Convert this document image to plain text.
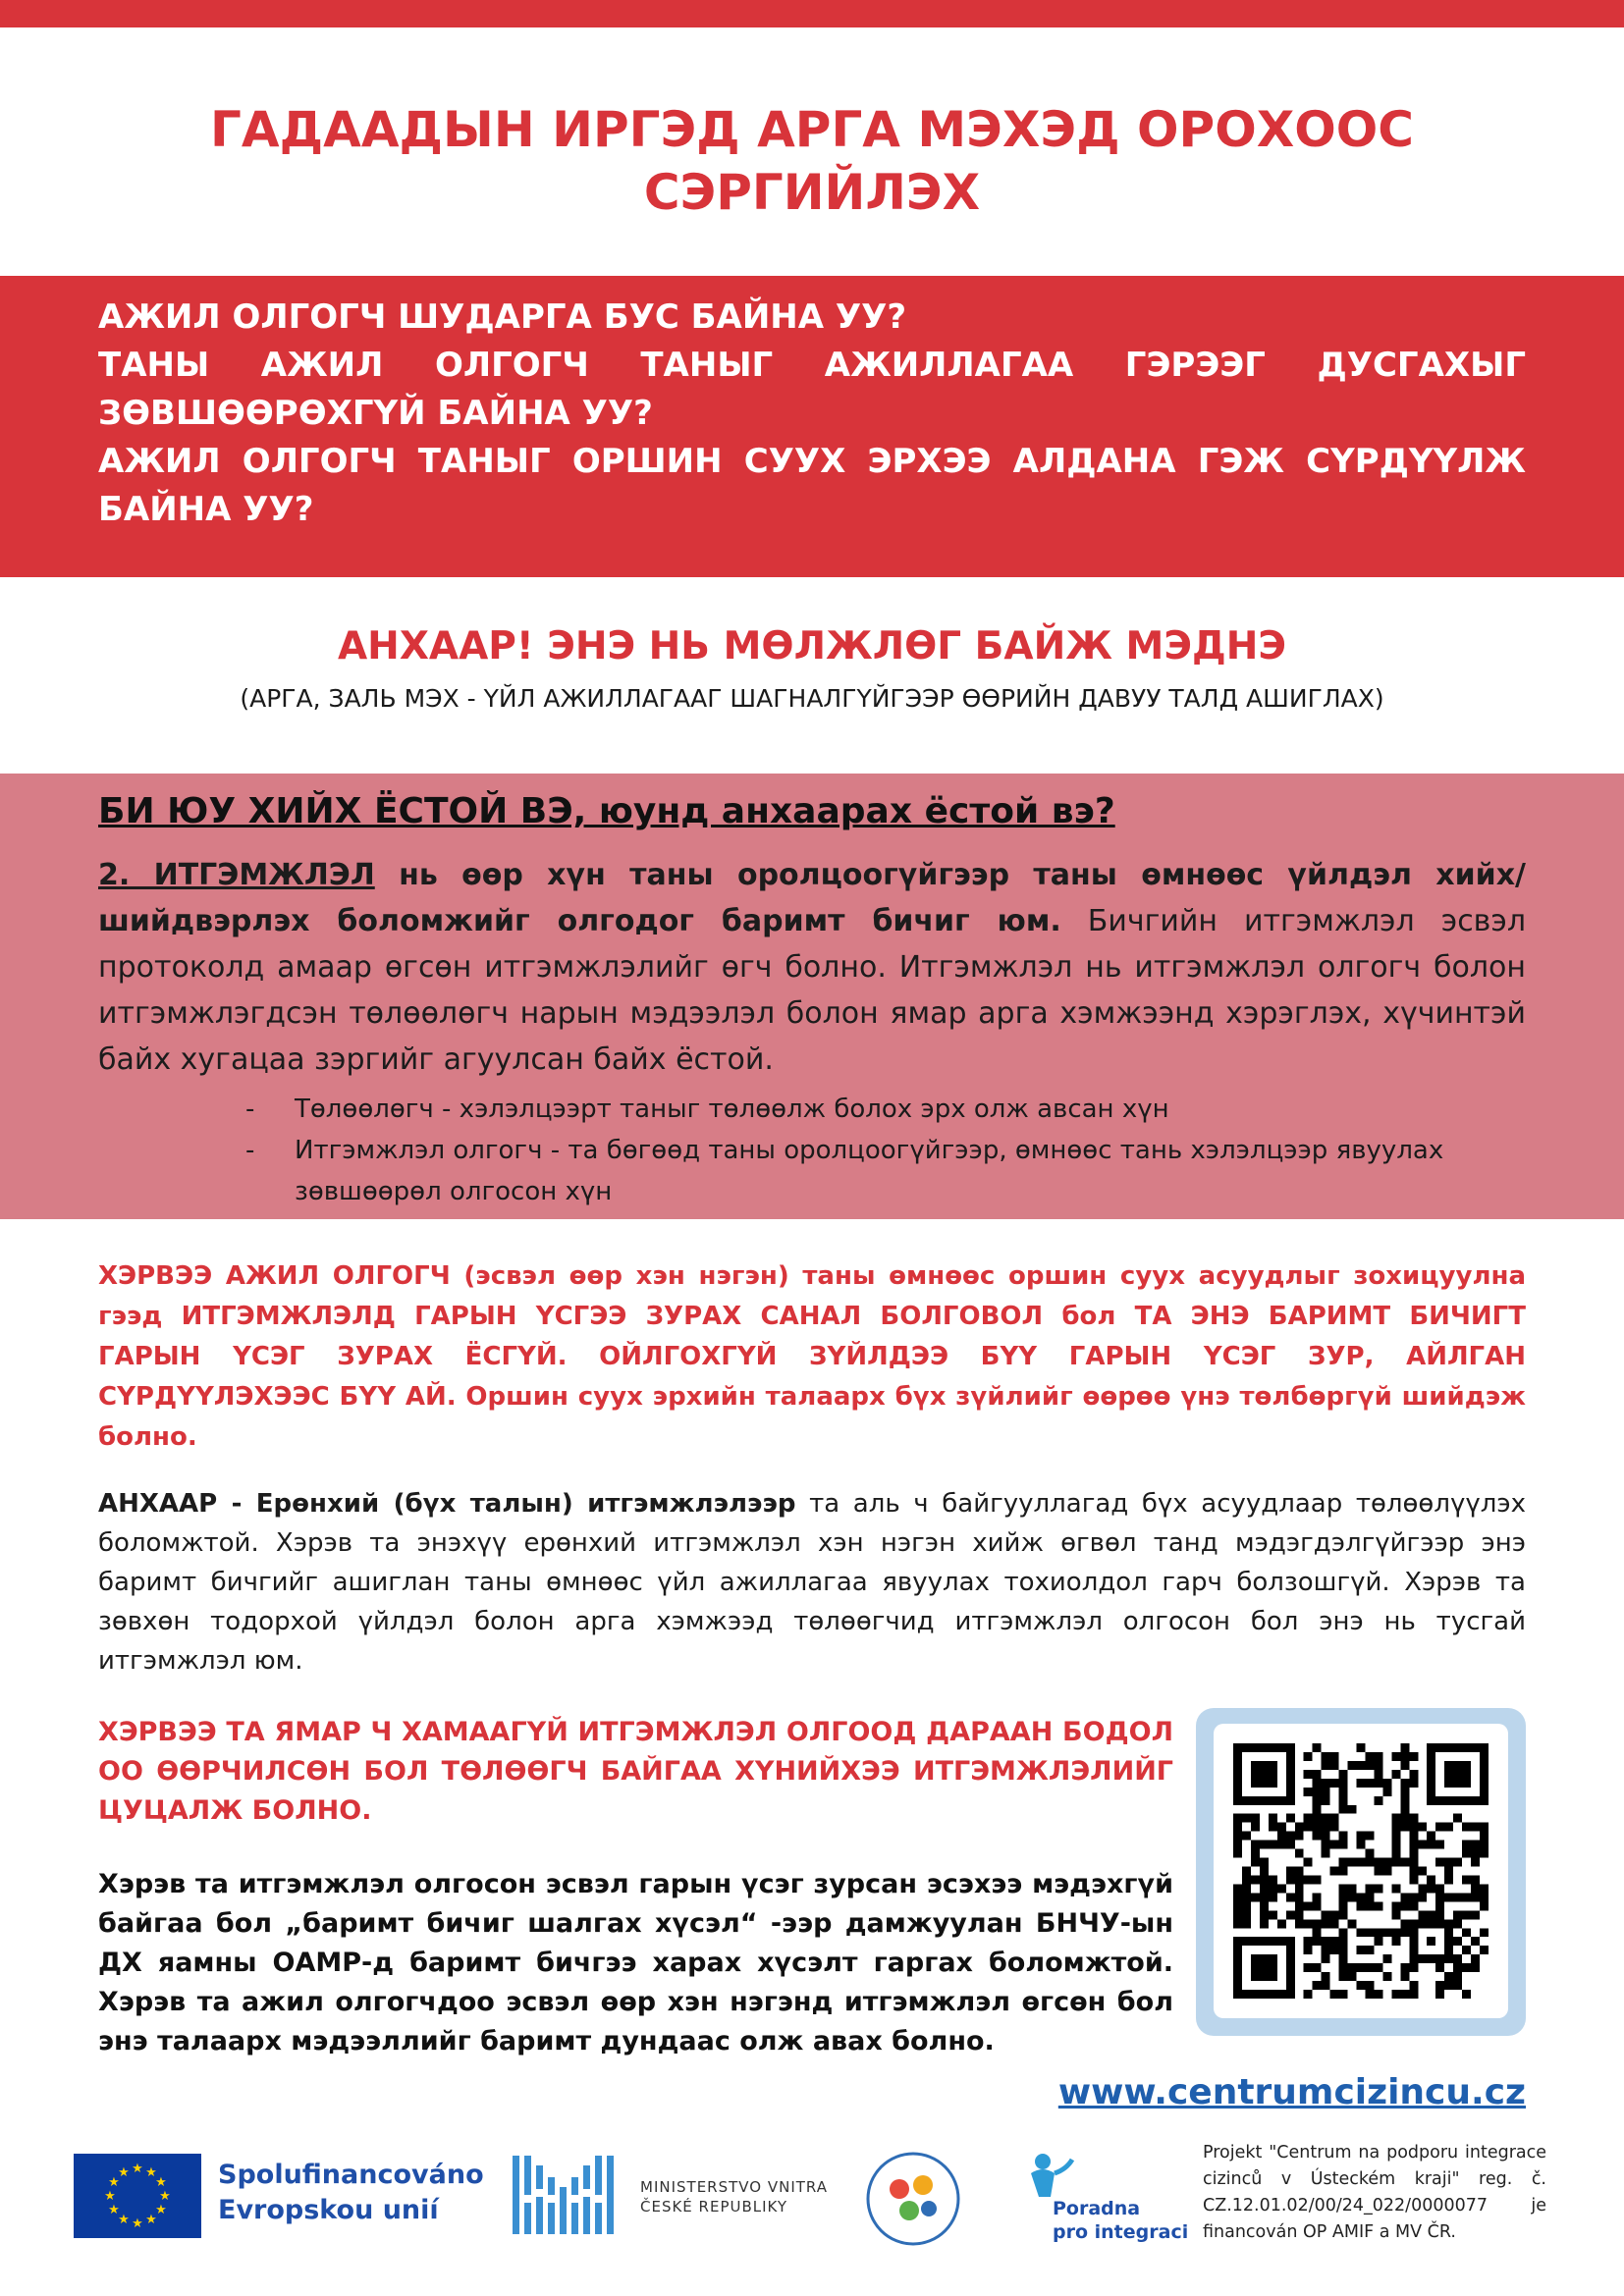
ГАДААДЫН ИРГЭД АРГА МЭХЭД ОРОХООС
СЭРГИЙЛЭХ

АЖИЛ ОЛГОГЧ ШУДАРГА БУС БАЙНА УУ?

ТАНЫ АЖИЛ ОЛГОГЧ ТАНЫГ АЖИЛЛАГАА ГЭРЭЭГ ДУСГАХЫГ ЗӨВШӨӨРӨХГҮЙ БАЙНА УУ?

АЖИЛ ОЛГОГЧ ТАНЫГ ОРШИН СУУХ ЭРХЭЭ АЛДАНА ГЭЖ СҮРДҮҮЛЖ БАЙНА УУ?

АНХААР! ЭНЭ НЬ МӨЛЖЛӨГ БАЙЖ МЭДНЭ

(АРГА, ЗАЛЬ МЭХ - ҮЙЛ АЖИЛЛАГААГ ШАГНАЛГҮЙГЭЭР ӨӨРИЙН ДАВУУ ТАЛД АШИГЛАХ)

БИ ЮУ ХИЙХ ЁСТОЙ ВЭ, юунд анхаарах ёстой вэ?

2. ИТГЭМЖЛЭЛ нь өөр хүн таны оролцоогүйгээр таны өмнөөс үйлдэл хийх/шийдвэрлэх боломжийг олгодог баримт бичиг юм. Бичгийн итгэмжлэл эсвэл протоколд амаар өгсөн итгэмжлэлийг өгч болно. Итгэмжлэл нь итгэмжлэл олгогч болон итгэмжлэгдсэн төлөөлөгч нарын мэдээлэл болон ямар арга хэмжээнд хэрэглэх, хүчинтэй байх хугацаа зэргийг агуулсан байх ёстой.

- Төлөөлөгч - хэлэлцээрт таныг төлөөлж болох эрх олж авсан хүн
- Итгэмжлэл олгогч - та бөгөөд таны оролцоогүйгээр, өмнөөс тань хэлэлцээр явуулах зөвшөөрөл олгосон хүн

ХЭРВЭЭ АЖИЛ ОЛГОГЧ (эсвэл өөр хэн нэгэн) таны өмнөөс оршин суух асуудлыг зохицуулна гээд ИТГЭМЖЛЭЛД ГАРЫН ҮСГЭЭ ЗУРАХ САНАЛ БОЛГОВОЛ бол ТА ЭНЭ БАРИМТ БИЧИГТ ГАРЫН ҮСЭГ ЗУРАХ ЁСГҮЙ. ОЙЛГОХГҮЙ ЗҮЙЛДЭЭ БҮҮ ГАРЫН ҮСЭГ ЗУР, АЙЛГАН СҮРДҮҮЛЭХЭЭС БҮҮ АЙ. Оршин суух эрхийн талаарх бүх зүйлийг өөрөө үнэ төлбөргүй шийдэж болно.

АНХААР - Ерөнхий (бүх талын) итгэмжлэлээр та аль ч байгууллагад бүх асуудлаар төлөөлүүлэх боломжтой. Хэрэв та энэхүү ерөнхий итгэмжлэл хэн нэгэн хийж өгвөл танд мэдэгдэлгүйгээр энэ баримт бичгийг ашиглан таны өмнөөс үйл ажиллагаа явуулах тохиолдол гарч болзошгүй. Хэрэв та зөвхөн тодорхой үйлдэл болон арга хэмжээд төлөөгчид итгэмжлэл олгосон бол энэ нь тусгай итгэмжлэл юм.

ХЭРВЭЭ ТА ЯМАР Ч ХАМААГҮЙ ИТГЭМЖЛЭЛ ОЛГООД ДАРААН БОДОЛ ОО ӨӨРЧИЛСӨН БОЛ ТӨЛӨӨГЧ БАЙГАА ХҮНИЙХЭЭ ИТГЭМЖЛЭЛИЙГ ЦУЦАЛЖ БОЛНО.

Хэрэв та итгэмжлэл олгосон эсвэл гарын үсэг зурсан эсэхээ мэдэхгүй байгаа бол „баримт бичиг шалгах хүсэл“ -ээр дамжуулан БНЧУ-ын ДХ яамны ОАМР-д баримт бичгээ харах хүсэлт гаргах боломжтой. Хэрэв та ажил олгогчдоо эсвэл өөр хэн нэгэнд итгэмжлэл өгсөн бол энэ талаарх мэдээллийг баримт дундаас олж авах болно.

www.centrumcizincu.cz
★ ★
★
★
★
★
★
★
★
★
★
★	Spolufinancováno
Evropskou unií
MINISTERSTVO VNITRA
ČESKÉ REPUBLIKY	Poradna
pro integraci

Projekt "Centrum na podporu integrace cizinců v Ústeckém kraji" reg. č. CZ.12.01.02/00/24_022/0000077 je financován OP AMIF a MV ČR.
